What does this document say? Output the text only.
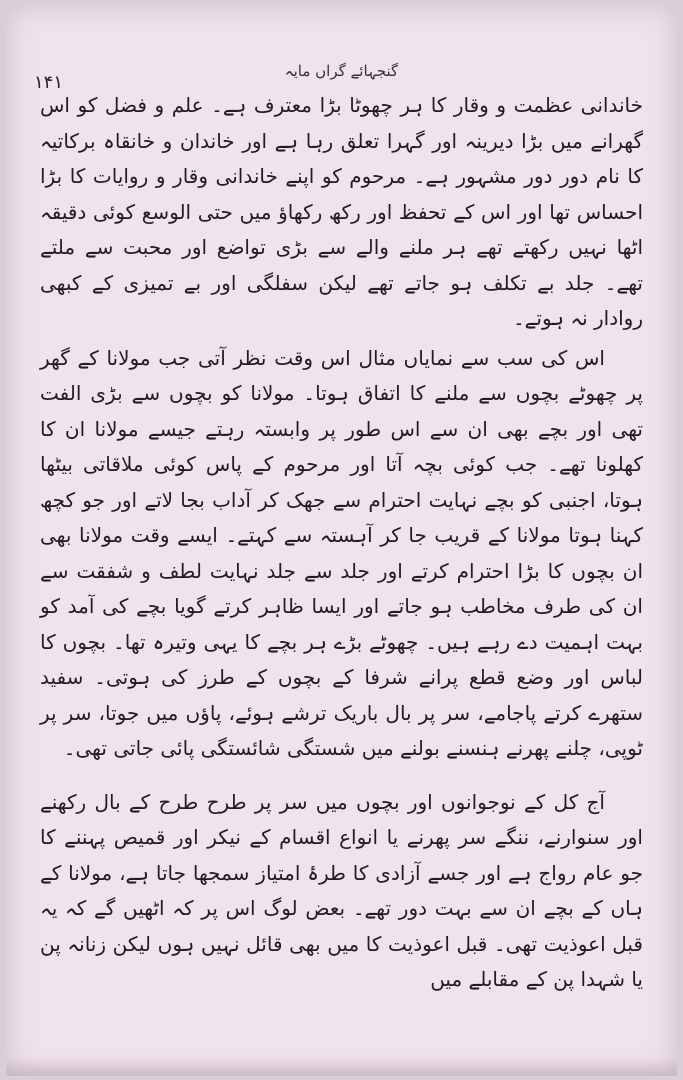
۱۴۱
گنجہائے گراں مایہ

خاندانی عظمت و وقار کا ہر چھوٹا بڑا معترف ہے۔ علم و فضل کو اس گھرانے میں بڑا دیرینہ اور گہرا تعلق رہا ہے اور خاندان و خانقاہ برکاتیہ کا نام دور دور مشہور ہے۔ مرحوم کو اپنے خاندانی وقار و روایات کا بڑا احساس تھا اور اس کے تحفظ اور رکھ رکھاؤ میں حتی الوسع کوئی دقیقہ اٹھا نہیں رکھتے تھے ہر ملنے والے سے بڑی تواضع اور محبت سے ملتے تھے۔ جلد بے تکلف ہو جاتے تھے لیکن سفلگی اور بے تمیزی کے کبھی روادار نہ ہوتے۔

اس کی سب سے نمایاں مثال اس وقت نظر آتی جب مولانا کے گھر پر چھوٹے بچوں سے ملنے کا اتفاق ہوتا۔ مولانا کو بچوں سے بڑی الفت تھی اور بچے بھی ان سے اس طور پر وابستہ رہتے جیسے مولانا ان کا کھلونا تھے۔ جب کوئی بچہ آتا اور مرحوم کے پاس کوئی ملاقاتی بیٹھا ہوتا، اجنبی کو بچے نہایت احترام سے جھک کر آداب بجا لاتے اور جو کچھ کہنا ہوتا مولانا کے قریب جا کر آہستہ سے کہتے۔ ایسے وقت مولانا بھی ان بچوں کا بڑا احترام کرتے اور جلد سے جلد نہایت لطف و شفقت سے ان کی طرف مخاطب ہو جاتے اور ایسا ظاہر کرتے گویا بچے کی آمد کو بہت اہمیت دے رہے ہیں۔ چھوٹے بڑے ہر بچے کا یہی وتیرہ تھا۔ بچوں کا لباس اور وضع قطع پرانے شرفا کے بچوں کے طرز کی ہوتی۔ سفید ستھرے کرتے پاجامے، سر پر بال باریک ترشے ہوئے، پاؤں میں جوتا، سر پر ٹوپی، چلنے پھرنے ہنسنے بولنے میں شستگی شائستگی پائی جاتی تھی۔

آج کل کے نوجوانوں اور بچوں میں سر پر طرح طرح کے بال رکھنے اور سنوارنے، ننگے سر پھرنے یا انواع اقسام کے نیکر اور قمیص پہننے کا جو عام رواج ہے اور جسے آزادی کا طرۂ امتیاز سمجھا جاتا ہے، مولانا کے ہاں کے بچے ان سے بہت دور تھے۔ بعض لوگ اس پر کہ اٹھیں گے کہ یہ قبل اعوذیت تھی۔ قبل اعوذیت کا میں بھی قائل نہیں ہوں لیکن زنانہ پن یا شہدا پن کے مقابلے میں
